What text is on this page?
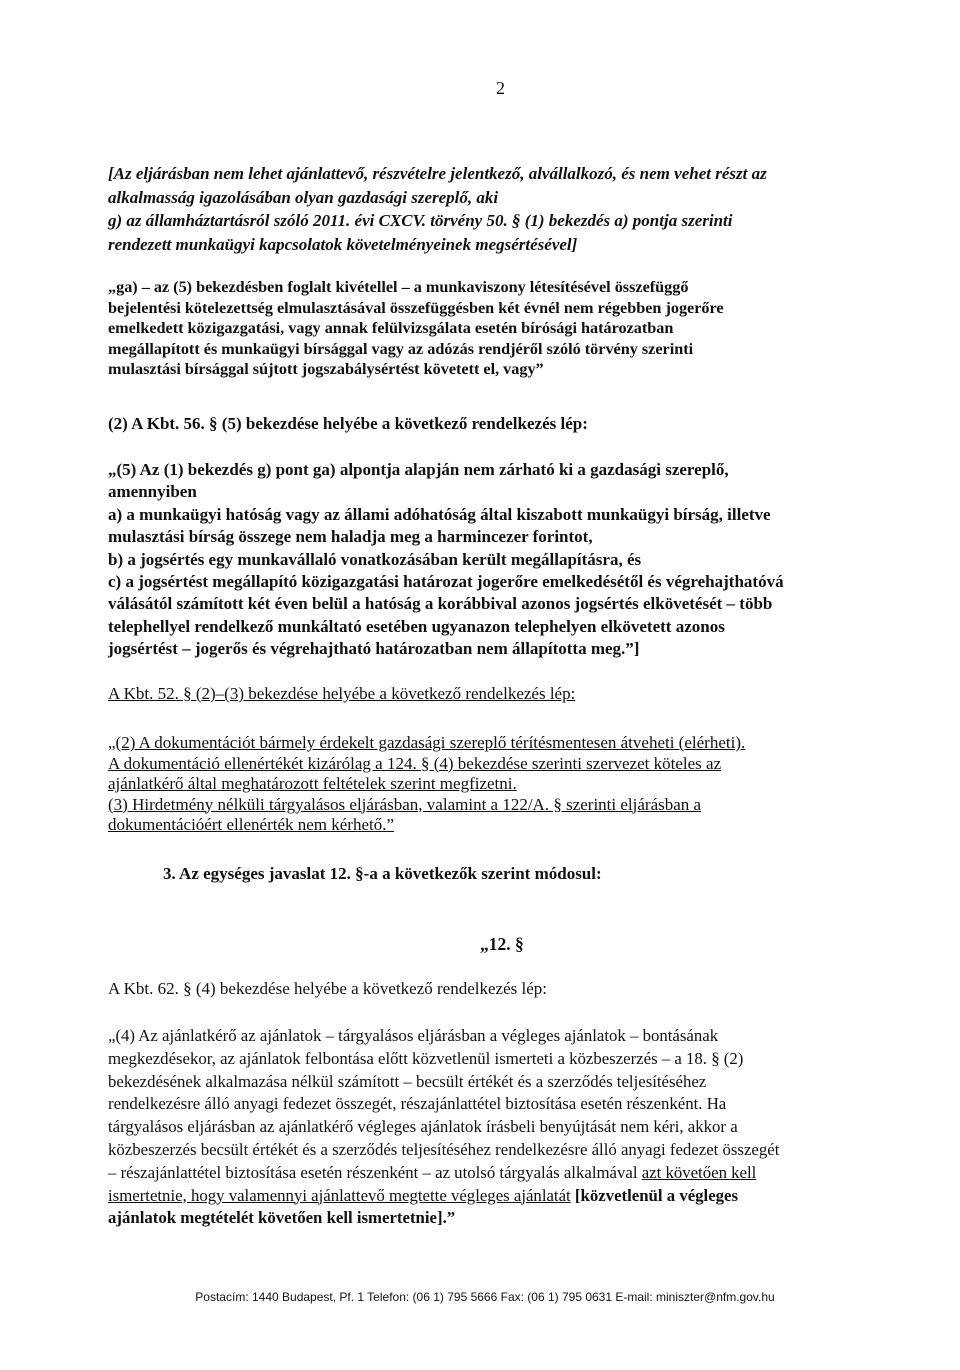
2
[Az eljárásban nem lehet ajánlattevő, részvételre jelentkező, alvállalkozó, és nem vehet részt az
alkalmasság igazolásában olyan gazdasági szereplő, aki
g) az államháztartásról szóló 2011. évi CXCV. törvény 50. § (1) bekezdés a) pontja szerinti
rendezett munkaügyi kapcsolatok követelményeinek megsértésével]
„ga) – az (5) bekezdésben foglalt kivétellel – a munkaviszony létesítésével összefüggő
bejelentési kötelezettség elmulasztásával összefüggésben két évnél nem régebben jogerőre
emelkedett közigazgatási, vagy annak felülvizsgálata esetén bírósági határozatban
megállapított és munkaügyi bírsággal vagy az adózás rendjéről szóló törvény szerinti
mulasztási bírsággal sújtott jogszabálysértést követett el, vagy”
(2) A Kbt. 56. § (5) bekezdése helyébe a következő rendelkezés lép:
„(5) Az (1) bekezdés g) pont ga) alpontja alapján nem zárható ki a gazdasági szereplő,
amennyiben
a) a munkaügyi hatóság vagy az állami adóhatóság által kiszabott munkaügyi bírság, illetve
mulasztási bírság összege nem haladja meg a harmincezer forintot,
b) a jogsértés egy munkavállaló vonatkozásában került megállapításra, és
c) a jogsértést megállapító közigazgatási határozat jogerőre emelkedésétől és végrehajthatóvá
válásától számított két éven belül a hatóság a korábbival azonos jogsértés elkövetését – több
telephellyel rendelkező munkáltató esetében ugyanazon telephelyen elkövetett azonos
jogsértést – jogerős és végrehajtható határozatban nem állapította meg.”]
A Kbt. 52. § (2)–(3) bekezdése helyébe a következő rendelkezés lép:
„(2) A dokumentációt bármely érdekelt gazdasági szereplő térítésmentesen átveheti (elérheti).
A dokumentáció ellenértékét kizárólag a 124. § (4) bekezdése szerinti szervezet köteles az
ajánlatkérő által meghatározott feltételek szerint megfizetni.
(3) Hirdetmény nélküli tárgyalásos eljárásban, valamint a 122/A. § szerinti eljárásban a
dokumentációért ellenérték nem kérhető.”
3. Az egységes javaslat 12. §-a a következők szerint módosul:
„12. §
A Kbt. 62. § (4) bekezdése helyébe a következő rendelkezés lép:
„(4) Az ajánlatkérő az ajánlatok – tárgyalásos eljárásban a végleges ajánlatok – bontásának
megkezdésekor, az ajánlatok felbontása előtt közvetlenül ismerteti a közbeszerzés – a 18. § (2)
bekezdésének alkalmazása nélkül számított – becsült értékét és a szerződés teljesítéséhez
rendelkezésre álló anyagi fedezet összegét, részajánlattétel biztosítása esetén részenként. Ha
tárgyalásos eljárásban az ajánlatkérő végleges ajánlatok írásbeli benyújtását nem kéri, akkor a
közbeszerzés becsült értékét és a szerződés teljesítéséhez rendelkezésre álló anyagi fedezet összegét
– részajánlattétel biztosítása esetén részenként – az utolsó tárgyalás alkalmával azt követően kell
ismertetnie, hogy valamennyi ajánlattevő megtette végleges ajánlatát [közvetlenül a végleges
ajánlatok megtételét követően kell ismertetnie].”
Postacím: 1440 Budapest, Pf. 1 Telefon: (06 1) 795 5666 Fax: (06 1) 795 0631 E-mail: miniszter@nfm.gov.hu
